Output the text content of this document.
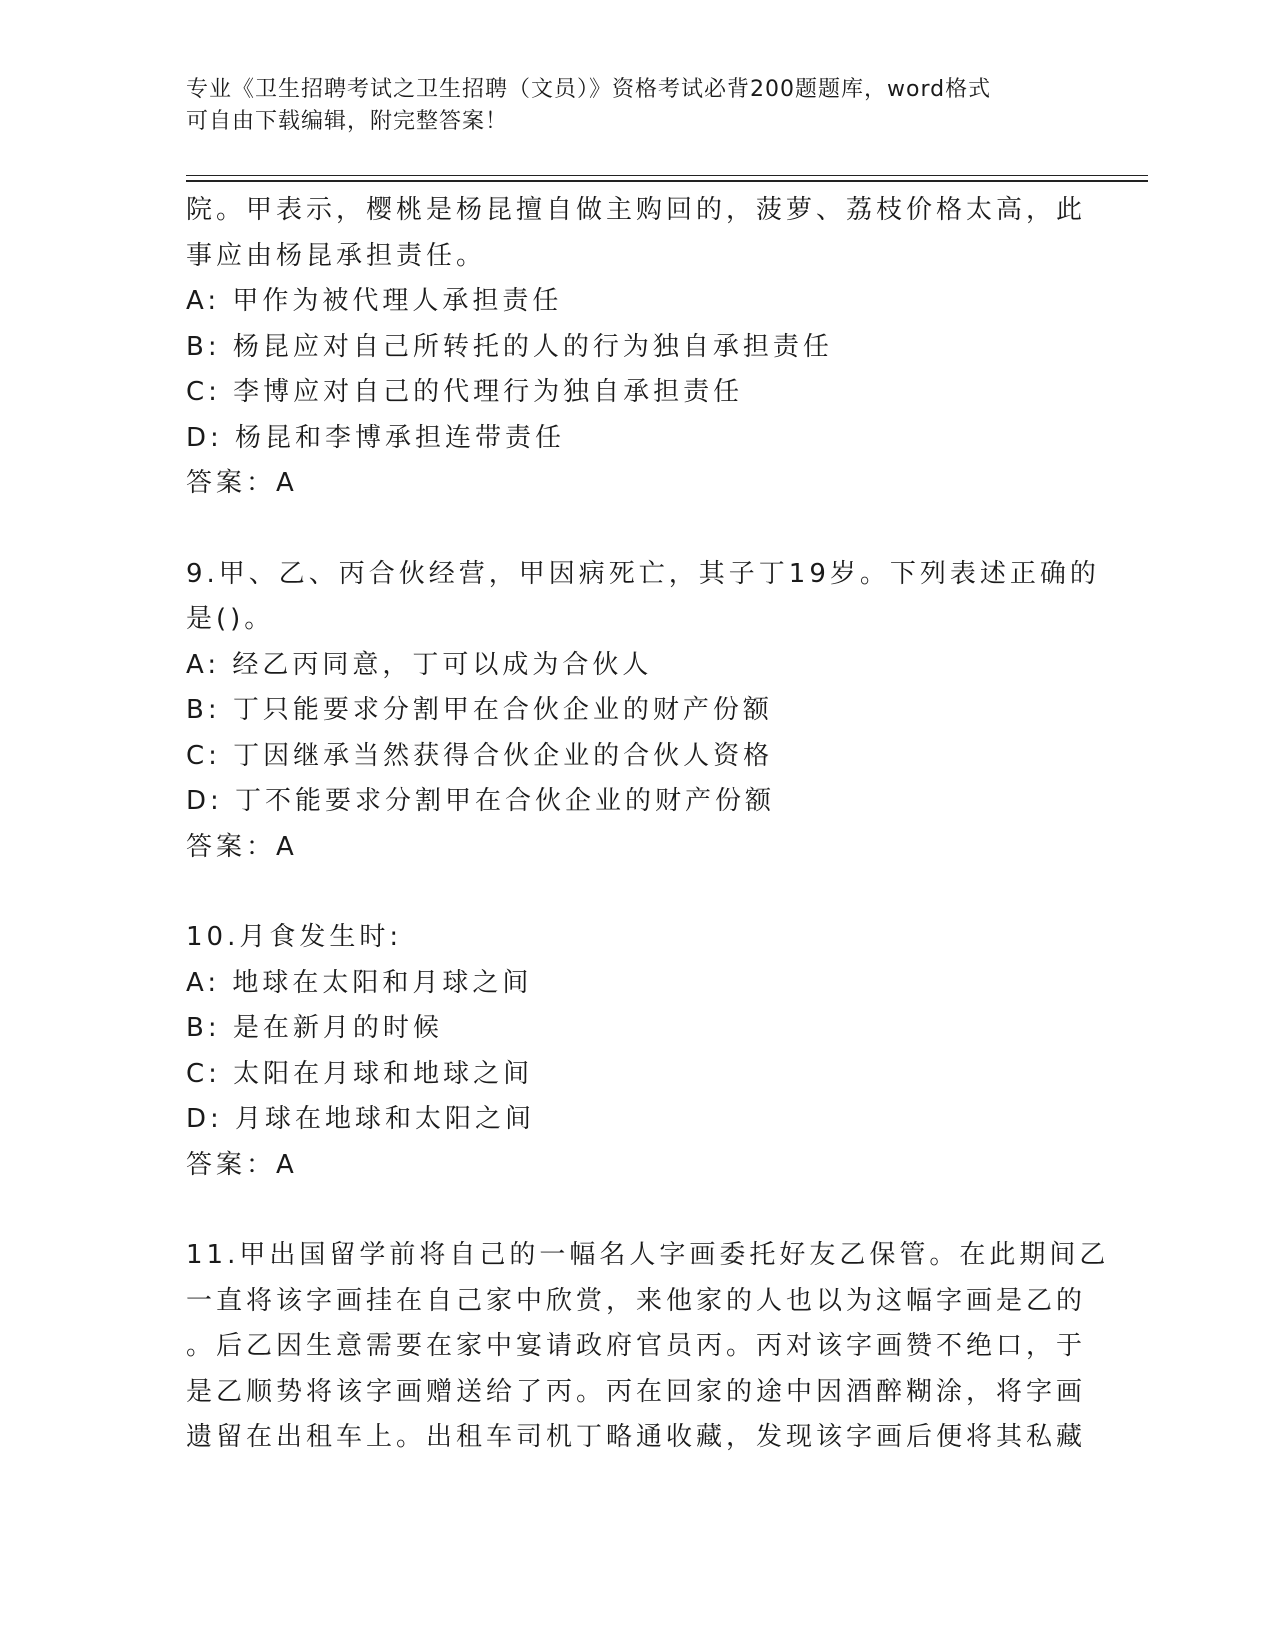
专业《卫生招聘考试之卫生招聘（文员）》资格考试必背200题题库，word格式
可自由下载编辑，附完整答案！
院。甲表示，樱桃是杨昆擅自做主购回的，菠萝、荔枝价格太高，此
事应由杨昆承担责任。
A: 甲作为被代理人承担责任
B: 杨昆应对自己所转托的人的行为独自承担责任
C: 李博应对自己的代理行为独自承担责任
D: 杨昆和李博承担连带责任
答案：A
9.甲、乙、丙合伙经营，甲因病死亡，其子丁19岁。下列表述正确的
是()。
A: 经乙丙同意，丁可以成为合伙人
B: 丁只能要求分割甲在合伙企业的财产份额
C: 丁因继承当然获得合伙企业的合伙人资格
D: 丁不能要求分割甲在合伙企业的财产份额
答案：A
10.月食发生时:
A: 地球在太阳和月球之间
B: 是在新月的时候
C: 太阳在月球和地球之间
D: 月球在地球和太阳之间
答案：A
11.甲出国留学前将自己的一幅名人字画委托好友乙保管。在此期间乙
一直将该字画挂在自己家中欣赏，来他家的人也以为这幅字画是乙的
。后乙因生意需要在家中宴请政府官员丙。丙对该字画赞不绝口，于
是乙顺势将该字画赠送给了丙。丙在回家的途中因酒醉糊涂，将字画
遗留在出租车上。出租车司机丁略通收藏，发现该字画后便将其私藏
